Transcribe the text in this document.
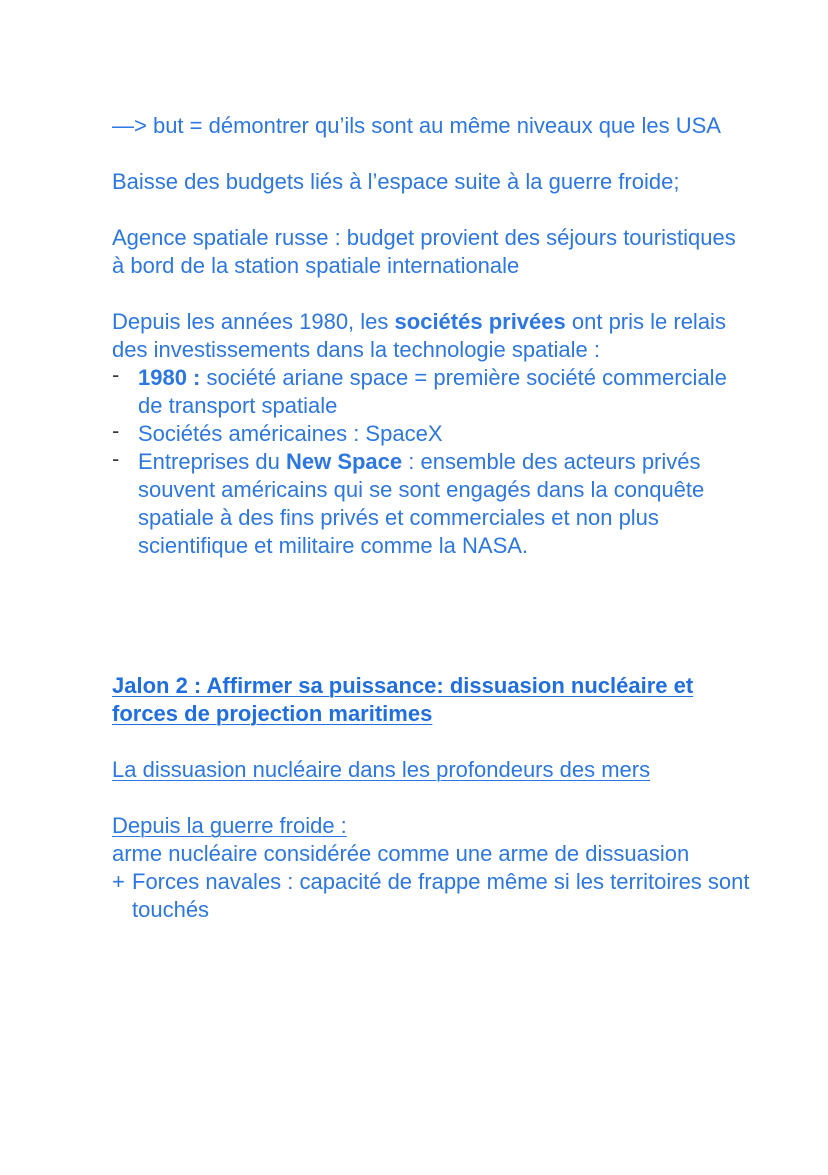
—> but = démontrer qu’ils sont au même niveaux que les USA

Baisse des budgets liés à l’espace suite à la guerre froide;

Agence spatiale russe : budget provient des séjours touristiques à bord de la station spatiale internationale

Depuis les années 1980, les sociétés privées ont pris le relais des investissements dans la technologie spatiale :

- 1980 : société ariane space = première société commerciale de transport spatiale
- Sociétés américaines : SpaceX
- Entreprises du New Space : ensemble des acteurs privés souvent américains qui se sont engagés dans la conquête spatiale à des fins privés et commerciales et non plus scientifique et militaire comme la NASA.

Jalon 2 : Affirmer sa puissance: dissuasion nucléaire et forces de projection maritimes

La dissuasion nucléaire dans les profondeurs des mers

Depuis la guerre froide :

arme nucléaire considérée comme une arme de dissuasion

+ Forces navales : capacité de frappe même si les territoires sont touchés
